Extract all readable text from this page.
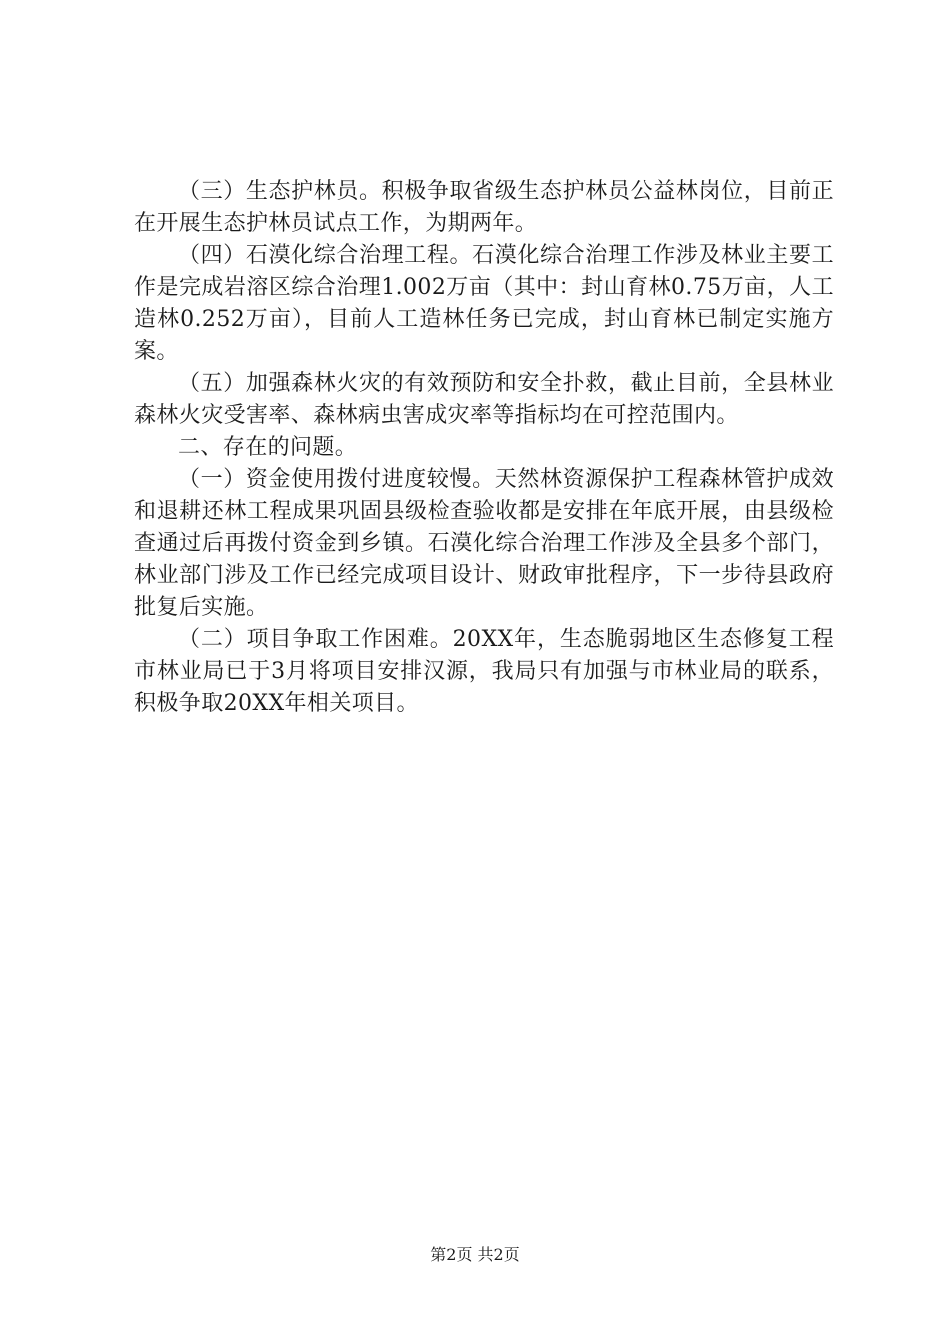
（三）生态护林员。积极争取省级生态护林员公益林岗位，目前正在开展生态护林员试点工作，为期两年。

（四）石漠化综合治理工程。石漠化综合治理工作涉及林业主要工作是完成岩溶区综合治理1.002万亩（其中：封山育林0.75万亩，人工造林0.252万亩），目前人工造林任务已完成，封山育林已制定实施方案。

（五）加强森林火灾的有效预防和安全扑救，截止目前，全县林业森林火灾受害率、森林病虫害成灾率等指标均在可控范围内。

二、存在的问题。

（一）资金使用拨付进度较慢。天然林资源保护工程森林管护成效和退耕还林工程成果巩固县级检查验收都是安排在年底开展，由县级检查通过后再拨付资金到乡镇。石漠化综合治理工作涉及全县多个部门，林业部门涉及工作已经完成项目设计、财政审批程序，下一步待县政府批复后实施。

（二）项目争取工作困难。20XX年，生态脆弱地区生态修复工程市林业局已于3月将项目安排汉源，我局只有加强与市林业局的联系，积极争取20XX年相关项目。

第2页 共2页
